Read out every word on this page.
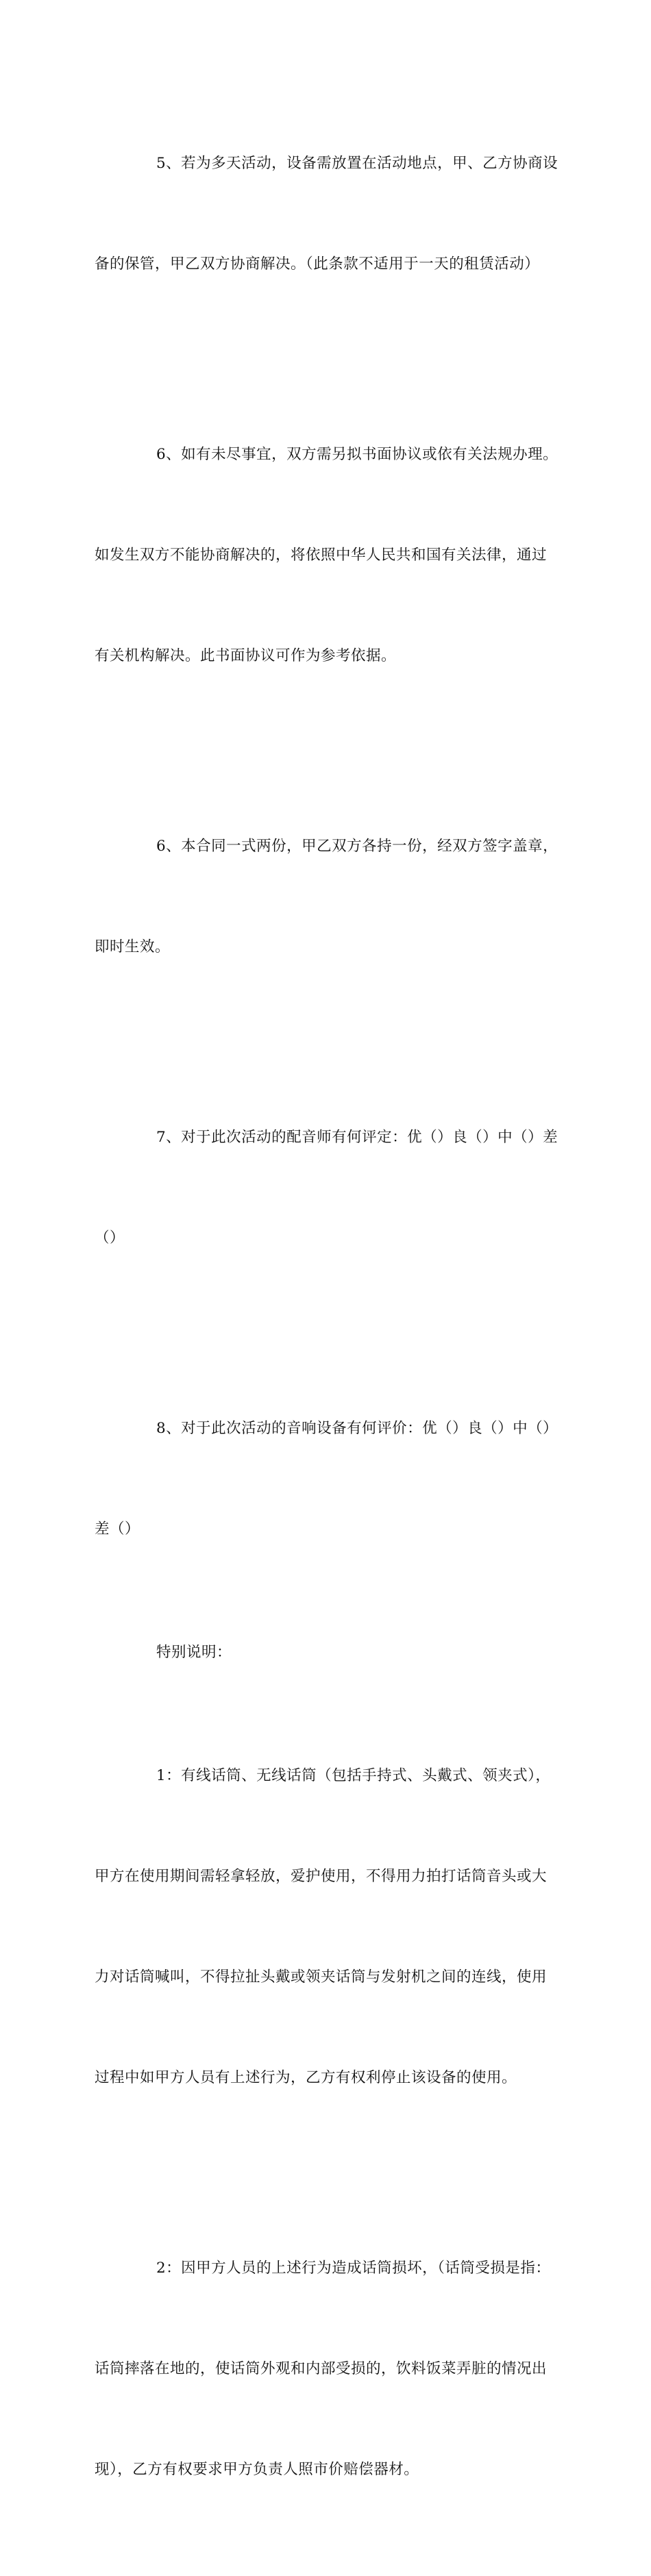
5、若为多天活动，设备需放置在活动地点，甲、乙方协商设

备的保管，甲乙双方协商解决。（此条款不适用于一天的租赁活动）

6、如有未尽事宜，双方需另拟书面协议或依有关法规办理。

如发生双方不能协商解决的，将依照中华人民共和国有关法律，通过

有关机构解决。此书面协议可作为参考依据。

6、本合同一式两份，甲乙双方各持一份，经双方签字盖章，

即时生效。

7、对于此次活动的配音师有何评定：优（）良（）中（）差

（）

8、对于此次活动的音响设备有何评价：优（）良（）中（）

差（）

特别说明：

1：有线话筒、无线话筒（包括手持式、头戴式、领夹式），

甲方在使用期间需轻拿轻放，爱护使用，不得用力拍打话筒音头或大

力对话筒喊叫，不得拉扯头戴或领夹话筒与发射机之间的连线，使用

过程中如甲方人员有上述行为，乙方有权利停止该设备的使用。

2：因甲方人员的上述行为造成话筒损坏，（话筒受损是指：

话筒摔落在地的，使话筒外观和内部受损的，饮料饭菜弄脏的情况出

现），乙方有权要求甲方负责人照市价赔偿器材。
